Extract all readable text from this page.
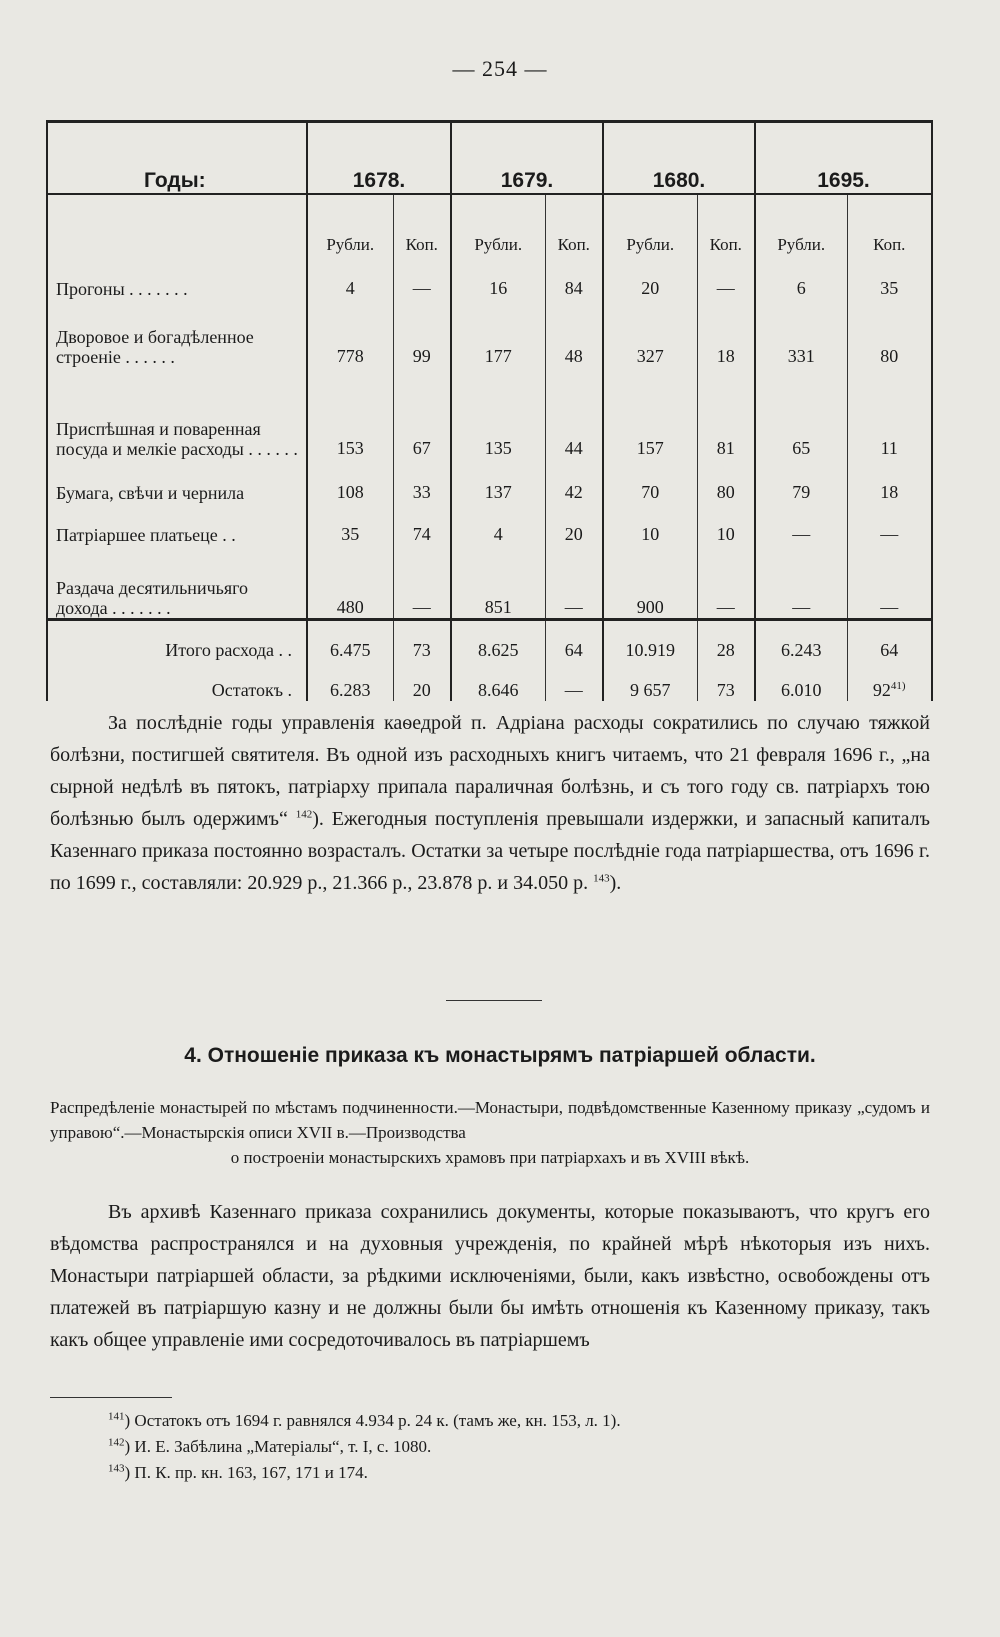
— 254 —
Годы:	1678.		1679.		1680.		1695.	
	Рубли.	Коп.	Рубли.	Коп.	Рубли.	Коп.	Рубли.	Коп.
Прогоны . . . . . . .	4	—	16	84	20	—	6	35
Дворовое и богадѣленное строеніе . . . . . .	778	99	177	48	327	18	331	80
Приспѣшная и поваренная посуда и мелкіе расходы . . . . . .	153	67	135	44	157	81	65	11
Бумага, свѣчи и чернила	108	33	137	42	70	80	79	18
Патріаршее платьеце . .	35	74	4	20	10	10	—	—
Раздача десятильничьяго дохода . . . . . . .	480	—	851	—	900	—	—	—
Итого расхода . .	6.475	73	8.625	64	10.919	28	6.243	64
Остатокъ .	6.283	20	8.646	—	9 657	73	6.010	92$^{41)}$
За послѣдніе годы управленія каѳедрой п. Адріана расходы сократились по случаю тяжкой болѣзни, постигшей святителя. Въ одной изъ расходныхъ книгъ читаемъ, что 21 февраля 1696 г., „на сырной недѣлѣ въ пятокъ, патріарху припала параличная болѣзнь, и съ того году св. патріархъ тою болѣзнью былъ одержимъ“ $^{142}$). Ежегодныя поступленія превышали издержки, и запасный капиталъ Казеннаго приказа постоянно возрасталъ. Остатки за четыре послѣдніе года патріаршества, отъ 1696 г. по 1699 г., составляли: 20.929 р., 21.366 р., 23.878 р. и 34.050 р. $^{143}$).
4. Отношеніе приказа къ монастырямъ патріаршей области.
Распредѣленіе монастырей по мѣстамъ подчиненности.—Монастыри, подвѣдомственные Казенному приказу „судомъ и управою“.—Монастырскія описи XVII в.—Производства
о построеніи монастырскихъ храмовъ при патріархахъ и въ XVIII вѣкѣ.
Въ архивѣ Казеннаго приказа сохранились документы, которые показываютъ, что кругъ его вѣдомства распространялся и на духовныя учрежденія, по крайней мѣрѣ нѣкоторыя изъ нихъ. Монастыри патріаршей области, за рѣдкими исключеніями, были, какъ извѣстно, освобождены отъ платежей въ патріаршую казну и не должны были бы имѣть отношенія къ Казенному приказу, такъ какъ общее управленіе ими сосредоточивалось въ патріаршемъ
$^{141}$) Остатокъ отъ 1694 г. равнялся 4.934 р. 24 к. (тамъ же, кн. 153, л. 1).
$^{142}$) И. Е. Забѣлина „Матеріалы“, т. I, с. 1080.
$^{143}$) П. К. пр. кн. 163, 167, 171 и 174.
